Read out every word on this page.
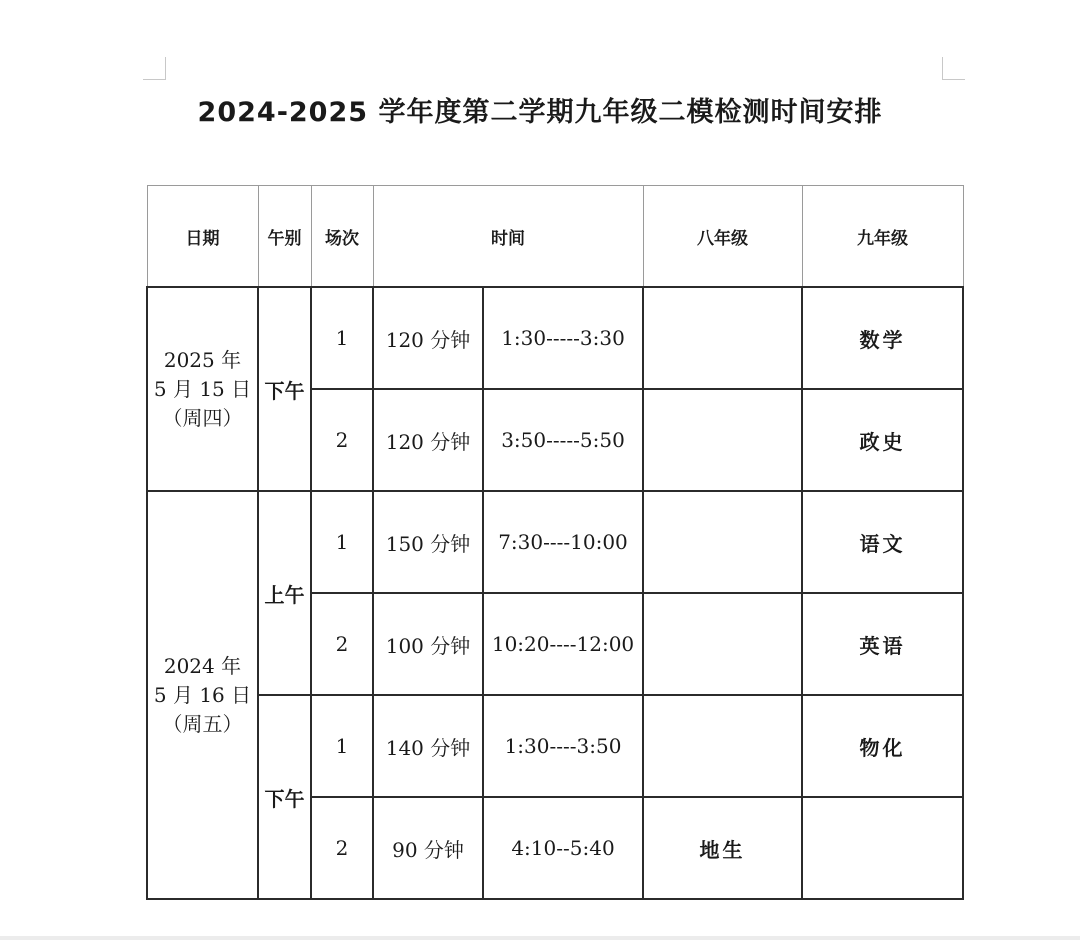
2024-2025 学年度第二学期九年级二模检测时间安排
日期	午别	场次	时间		八年级	九年级

2025 年
5 月 15 日
（周四）	下午	1	120 分钟	1:30-----3:30		数学
		2	120 分钟	3:50-----5:50		政史

2024 年
5 月 16 日
（周五）	上午	1	150 分钟	7:30----10:00		语文
		2	100 分钟	10:20----12:00		英语
	下午	1	140 分钟	1:30----3:50		物化
		2	90 分钟	4:10--5:40	地生	
